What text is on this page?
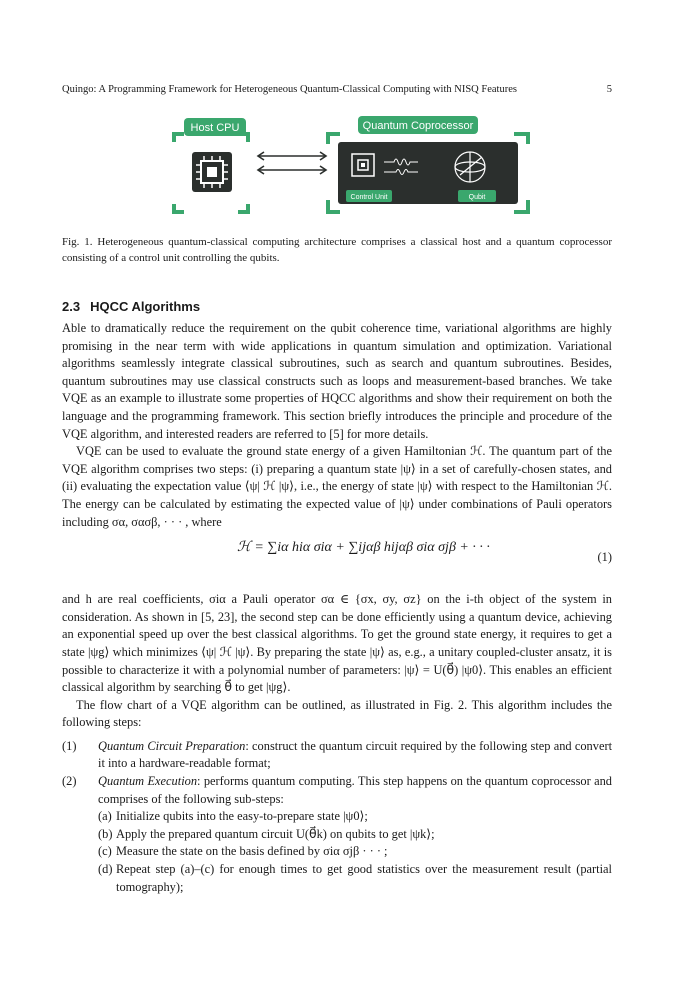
Quingo: A Programming Framework for Heterogeneous Quantum-Classical Computing with NISQ Features	5
Host CPU	Quantum Coprocessor
Control Unit	Qubit
Fig. 1. Heterogeneous quantum-classical computing architecture comprises a classical host and a quantum coprocessor consisting of a control unit controlling the qubits.
2.3 HQCC Algorithms

Able to dramatically reduce the requirement on the qubit coherence time, variational algorithms are highly promising in the near term with wide applications in quantum simulation and optimization. Variational algorithms seamlessly integrate classical subroutines, such as search and quantum subroutines. Besides, quantum subroutines may use classical constructs such as loops and measurement-based branches. We take VQE as an example to illustrate some properties of HQCC algorithms and show their requirement on both the language and the programming framework. This section briefly introduces the principle and procedure of the VQE algorithm, and interested readers are referred to [5] for more details.

VQE can be used to evaluate the ground state energy of a given Hamiltonian ℋ. The quantum part of the VQE algorithm comprises two steps: (i) preparing a quantum state |ψ⟩ in a set of carefully-chosen states, and (ii) evaluating the expectation value ⟨ψ| ℋ |ψ⟩, i.e., the energy of state |ψ⟩ with respect to the Hamiltonian ℋ. The energy can be calculated by estimating the expected value of |ψ⟩ under combinations of Pauli operators including σα, σασβ, · · · , where

ℋ = ∑iα hiα σiα + ∑ijαβ hijαβ σiα σjβ + · · ·
(1)

and h are real coefficients, σiα a Pauli operator σα ∈ {σx, σy, σz} on the i-th object of the system in consideration. As shown in [5, 23], the second step can be done efficiently using a quantum device, achieving an exponential speed up over the best classical algorithms. To get the ground state energy, it requires to get a state |ψg⟩ which minimizes ⟨ψ| ℋ |ψ⟩. By preparing the state |ψ⟩ as, e.g., a unitary coupled-cluster ansatz, it is possible to characterize it with a polynomial number of parameters: |ψ⟩ = U(θ⃗) |ψ0⟩. This enables an efficient classical algorithm by searching θ⃗ to get |ψg⟩.

The flow chart of a VQE algorithm can be outlined, as illustrated in Fig. 2. This algorithm includes the following steps:

(1) Quantum Circuit Preparation: construct the quantum circuit required by the following step and convert it into a hardware-readable format;
(2) Quantum Execution: performs quantum computing. This step happens on the quantum coprocessor and comprises of the following sub-steps:
(a) Initialize qubits into the easy-to-prepare state |ψ0⟩;
(b) Apply the prepared quantum circuit U(θ⃗k) on qubits to get |ψk⟩;
(c) Measure the state on the basis defined by σiα σjβ · · · ;
(d) Repeat step (a)–(c) for enough times to get good statistics over the measurement result (partial tomography);
